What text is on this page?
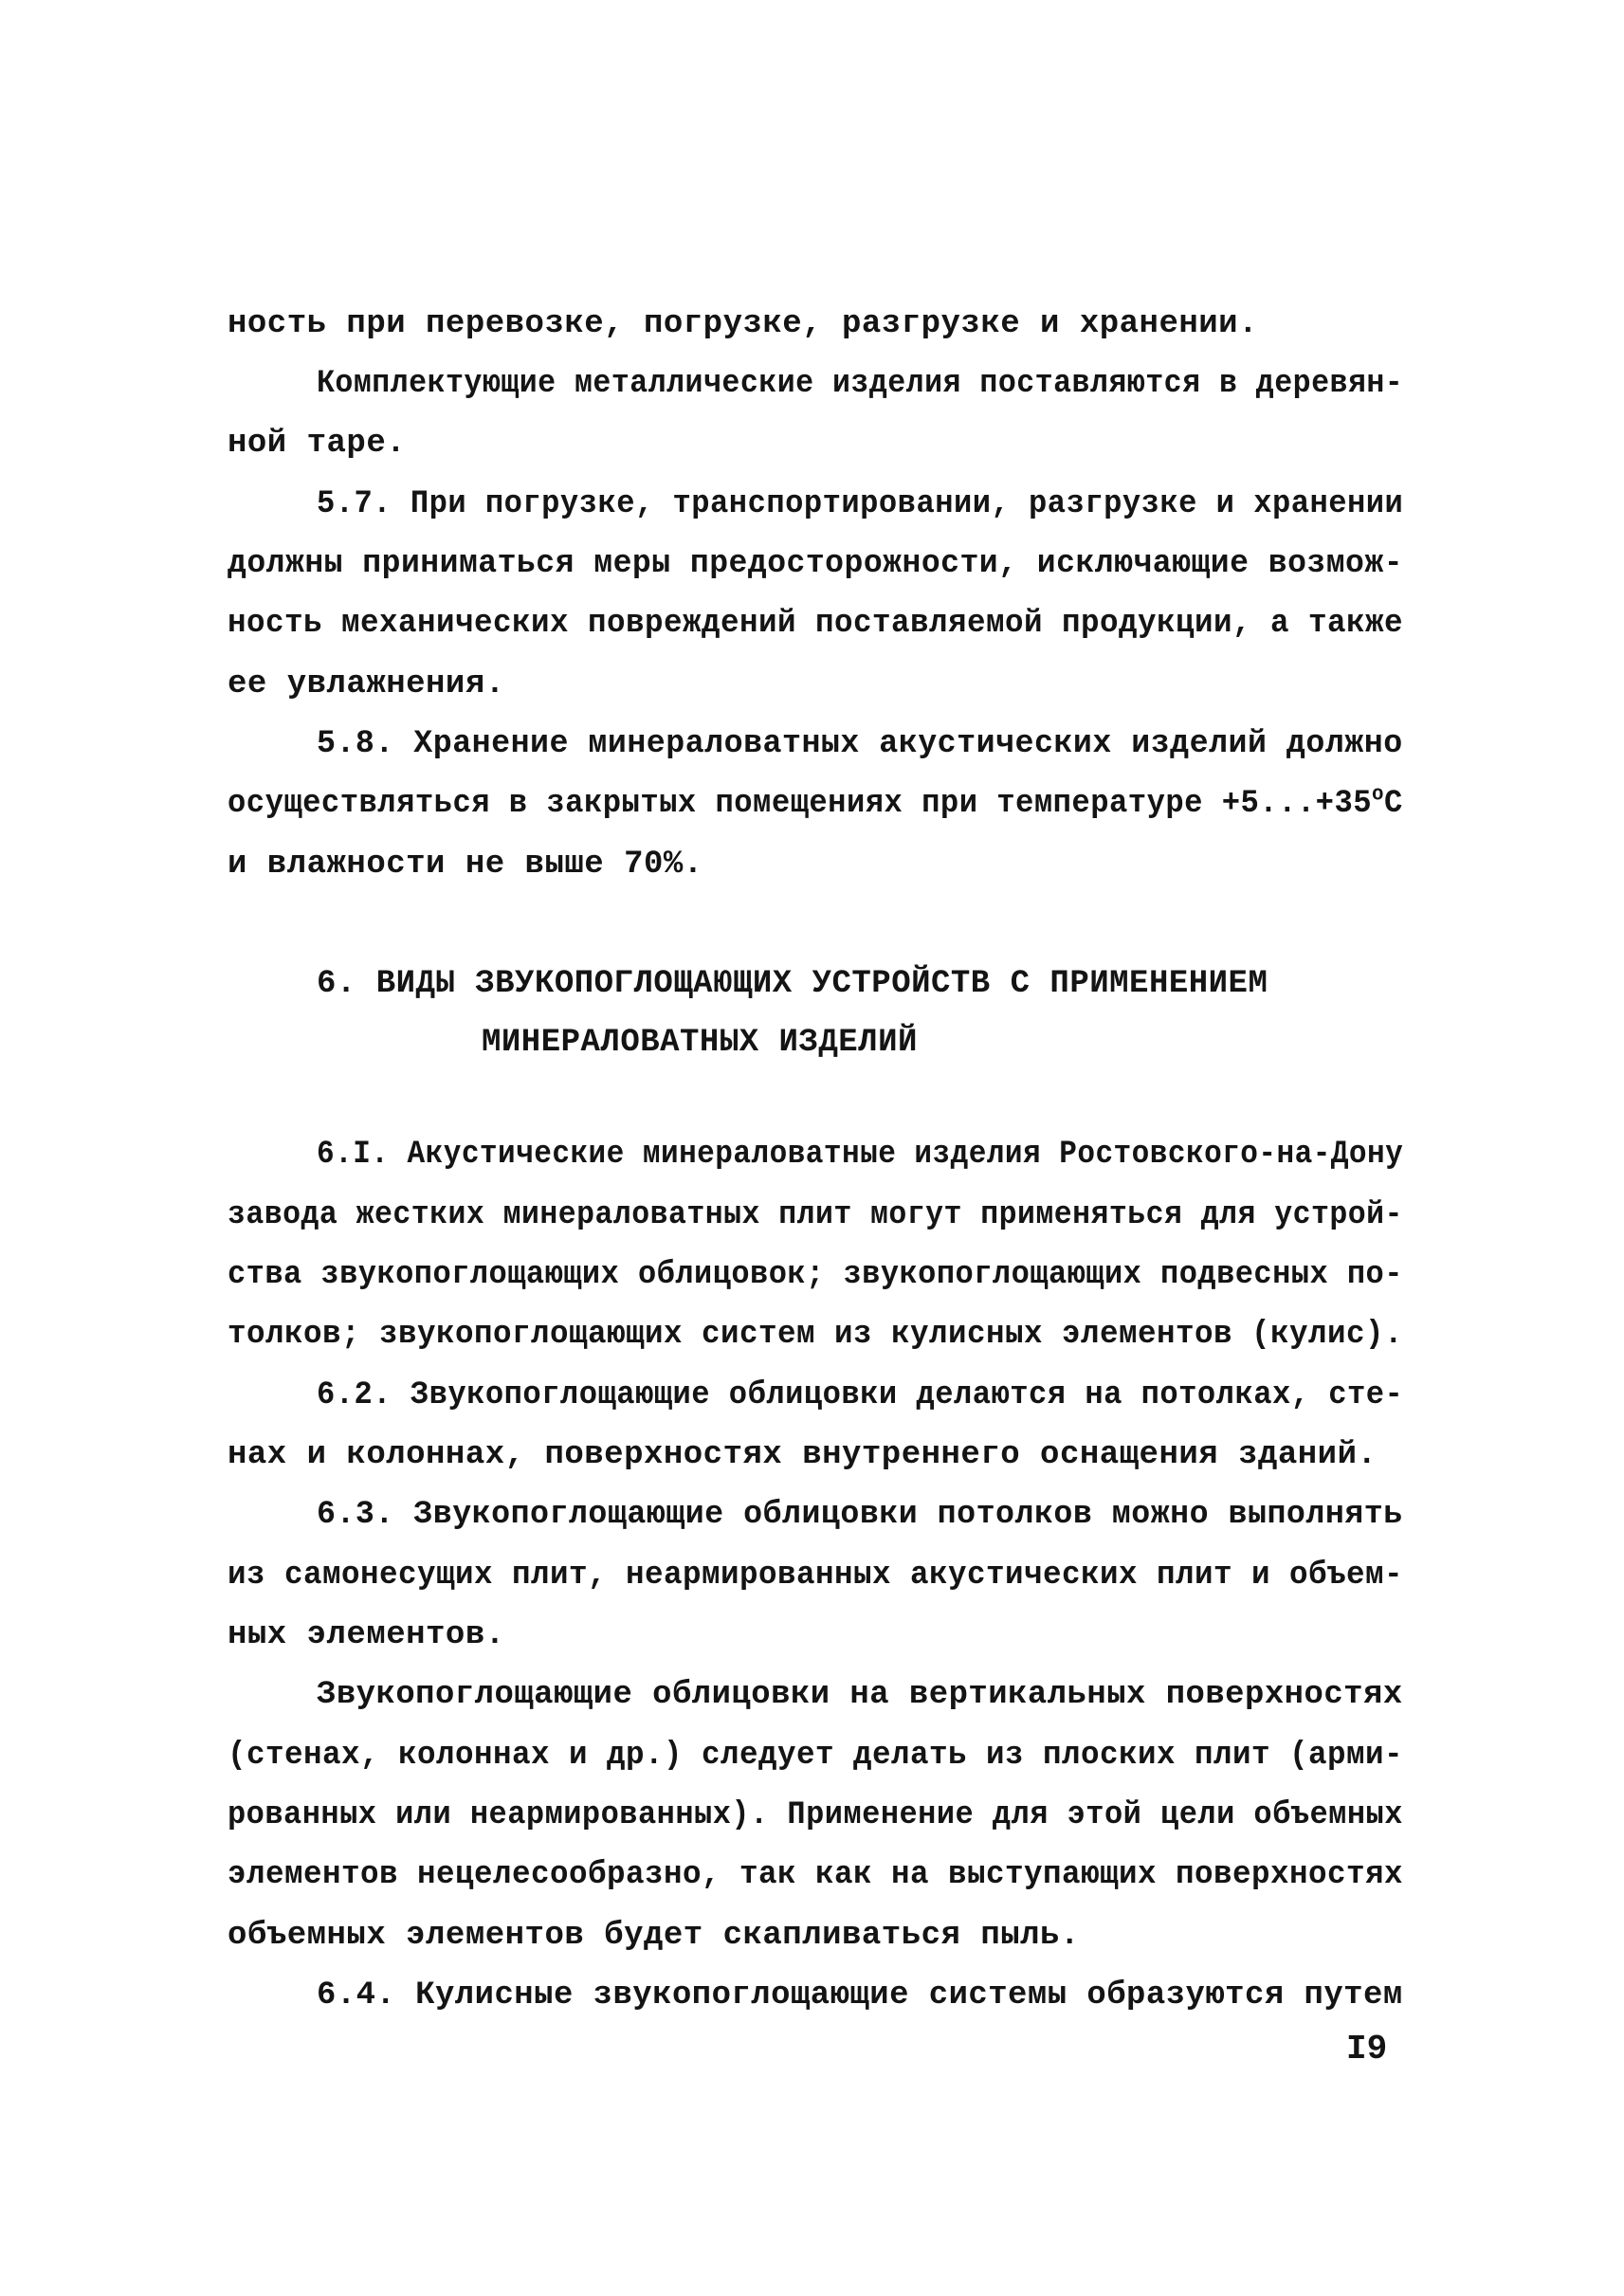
ность при перевозке, погрузке, разгрузке и хранении.
Комплектующие металлические изделия поставляются в деревян-
ной таре.
5.7. При погрузке, транспортировании, разгрузке и хранении
должны приниматься меры предосторожности, исключающие возмож-
ность механических повреждений поставляемой продукции, а также
ее увлажнения.
5.8. Хранение минераловатных акустических изделий должно
осуществляться в закрытых помещениях при температуре $+5...+35^оС$
и влажности не выше 70%.
6. ВИДЫ ЗВУКОПОГЛОЩАЮЩИХ УСТРОЙСТВ С ПРИМЕНЕНИЕМ
МИНЕРАЛОВАТНЫХ ИЗДЕЛИЙ
6.I. Акустические минераловатные изделия Ростовского-на-Дону
завода жестких минераловатных плит могут применяться для устрой-
ства звукопоглощающих облицовок; звукопоглощающих подвесных по-
толков; звукопоглощающих систем из кулисных элементов (кулис).
6.2. Звукопоглощающие облицовки делаются на потолках, сте-
нах и колоннах, поверхностях внутреннего оснащения зданий.
6.3. Звукопоглощающие облицовки потолков можно выполнять
из самонесущих плит, неармированных акустических плит и объем-
ных элементов.
Звукопоглощающие облицовки на вертикальных поверхностях
(стенах, колоннах и др.) следует делать из плоских плит (арми-
рованных или неармированных). Применение для этой цели объемных
элементов нецелесообразно, так как на выступающих поверхностях
объемных элементов будет скапливаться пыль.
6.4. Кулисные звукопоглощающие системы образуются путем
I9
